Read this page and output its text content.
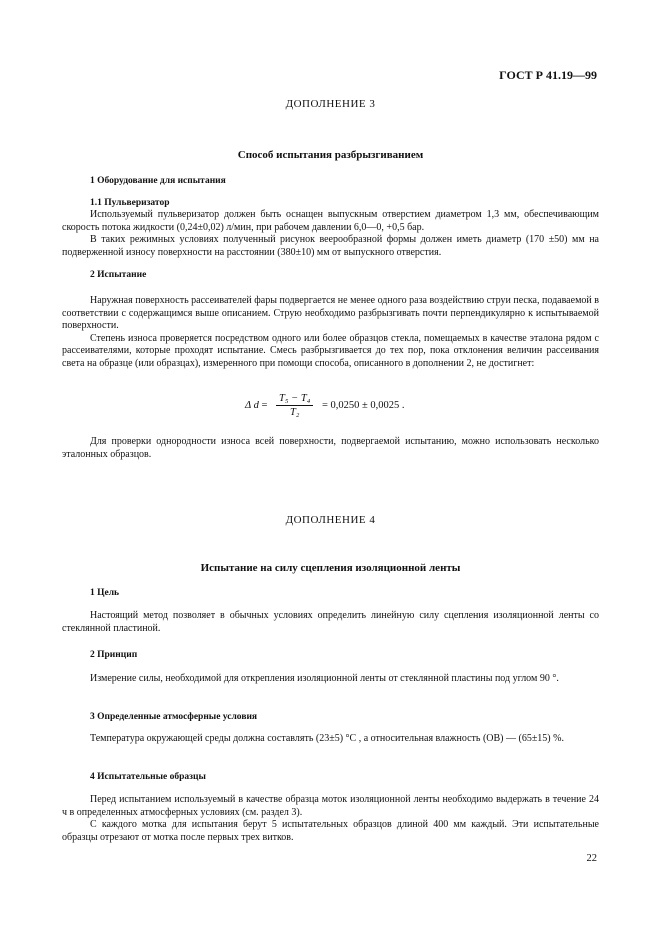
ГОСТ Р 41.19—99
ДОПОЛНЕНИЕ 3
Способ испытания разбрызгиванием
1 Оборудование для испытания
1.1 Пульверизатор

Используемый пульверизатор должен быть оснащен выпускным отверстием диаметром 1,3 мм, обеспечивающим скорость потока жидкости (0,24±0,02) л/мин, при рабочем давлении 6,0—0, +0,5 бар.

В таких режимных условиях полученный рисунок веерообразной формы должен иметь диаметр (170 ±50) мм на подверженной износу поверхности на расстоянии (380±10) мм от выпускного отверстия.

2 Испытание

Наружная поверхность рассеивателей фары подвергается не менее одного раза воздействию струи песка, подаваемой в соответствии с содержащимся выше описанием. Струю необходимо разбрызгивать почти перпендикулярно к испытываемой поверхности.

Степень износа проверяется посредством одного или более образцов стекла, помещаемых в качестве эталона рядом с рассеивателями, которые проходят испытание. Смесь разбрызгивается до тех пор, пока отклонения величин рассеивания света на образце (или образцах), измеренного при помощи способа, описанного в дополнении 2, не достигнет:

Δ $d = \frac{\text{T₅ − T₄}}{\text{T₂}} = 0,0250 \pm 0,0025$ .

Для проверки однородности износа всей поверхности, подвергаемой испытанию, можно использовать несколько эталонных образцов.

ДОПОЛНЕНИЕ 4
Испытание на силу сцепления изоляционной ленты
1 Цель

Настоящий метод позволяет в обычных условиях определить линейную силу сцепления изоляционной ленты со стеклянной пластиной.

2 Принцип

Измерение силы, необходимой для открепления изоляционной ленты от стеклянной пластины под углом 90 °.

3 Определенные атмосферные условия

Температура окружающей среды должна составлять (23±5) °С , а относительная влажность (ОВ) — (65±15) %.

4 Испытательные образцы

Перед испытанием используемый в качестве образца моток изоляционной ленты необходимо выдержать в течение 24 ч в определенных атмосферных условиях (см. раздел 3).

С каждого мотка для испытания берут 5 испытательных образцов длиной 400 мм каждый. Эти испытательные образцы отрезают от мотка после первых трех витков.

22
